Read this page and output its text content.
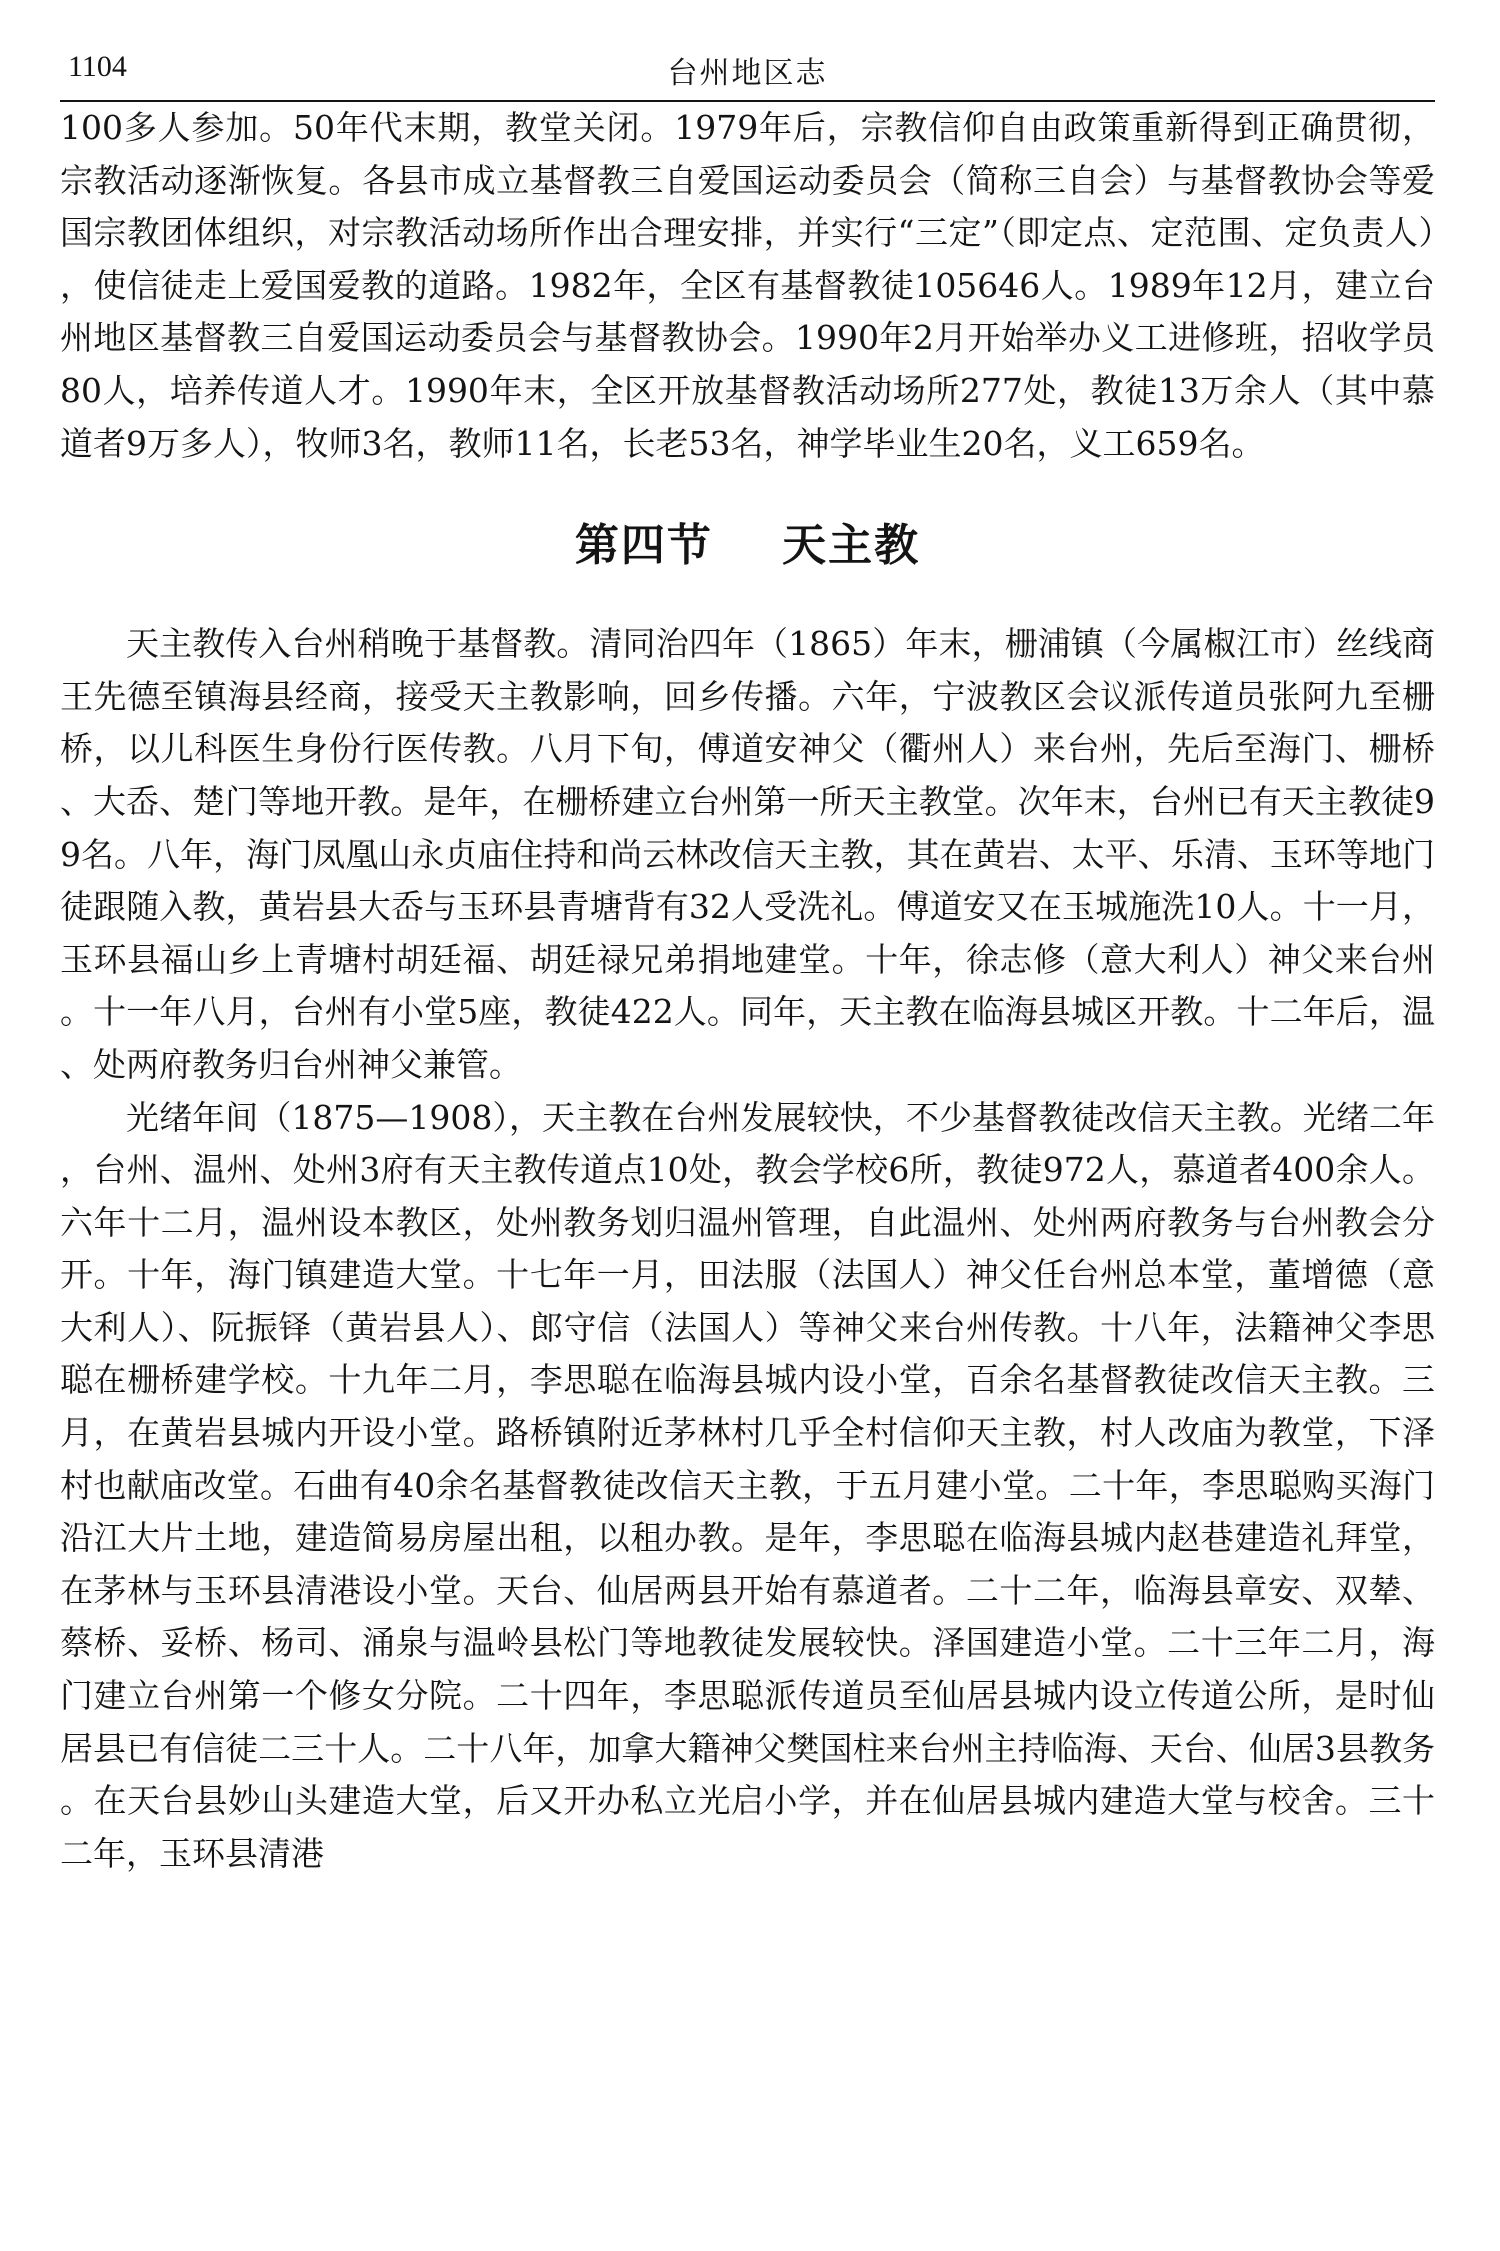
1104	台州地区志

100多人参加。50年代末期，教堂关闭。1979年后，宗教信仰自由政策重新得到正确贯彻，宗教活动逐渐恢复。各县市成立基督教三自爱国运动委员会（简称三自会）与基督教协会等爱国宗教团体组织，对宗教活动场所作出合理安排，并实行“三定”（即定点、定范围、定负责人），使信徒走上爱国爱教的道路。1982年，全区有基督教徒105646人。1989年12月，建立台州地区基督教三自爱国运动委员会与基督教协会。1990年2月开始举办义工进修班，招收学员80人，培养传道人才。1990年末，全区开放基督教活动场所277处，教徒13万余人（其中慕道者9万多人），牧师3名，教师11名，长老53名，神学毕业生20名，义工659名。

第四节 天主教

天主教传入台州稍晚于基督教。清同治四年（1865）年末，栅浦镇（今属椒江市）丝线商王先德至镇海县经商，接受天主教影响，回乡传播。六年，宁波教区会议派传道员张阿九至栅桥，以儿科医生身份行医传教。八月下旬，傅道安神父（衢州人）来台州，先后至海门、栅桥、大岙、楚门等地开教。是年，在栅桥建立台州第一所天主教堂。次年末，台州已有天主教徒99名。八年，海门凤凰山永贞庙住持和尚云林改信天主教，其在黄岩、太平、乐清、玉环等地门徒跟随入教，黄岩县大岙与玉环县青塘背有32人受洗礼。傅道安又在玉城施洗10人。十一月，玉环县福山乡上青塘村胡廷福、胡廷禄兄弟捐地建堂。十年，徐志修（意大利人）神父来台州。十一年八月，台州有小堂5座，教徒422人。同年，天主教在临海县城区开教。十二年后，温、处两府教务归台州神父兼管。

光绪年间（1875—1908），天主教在台州发展较快，不少基督教徒改信天主教。光绪二年，台州、温州、处州3府有天主教传道点10处，教会学校6所，教徒972人，慕道者400余人。六年十二月，温州设本教区，处州教务划归温州管理，自此温州、处州两府教务与台州教会分开。十年，海门镇建造大堂。十七年一月，田法服（法国人）神父任台州总本堂，董增德（意大利人）、阮振铎（黄岩县人）、郎守信（法国人）等神父来台州传教。十八年，法籍神父李思聪在栅桥建学校。十九年二月，李思聪在临海县城内设小堂，百余名基督教徒改信天主教。三月，在黄岩县城内开设小堂。路桥镇附近茅林村几乎全村信仰天主教，村人改庙为教堂，下泽村也献庙改堂。石曲有40余名基督教徒改信天主教，于五月建小堂。二十年，李思聪购买海门沿江大片土地，建造简易房屋出租，以租办教。是年，李思聪在临海县城内赵巷建造礼拜堂，在茅林与玉环县清港设小堂。天台、仙居两县开始有慕道者。二十二年，临海县章安、双辇、蔡桥、妥桥、杨司、涌泉与温岭县松门等地教徒发展较快。泽国建造小堂。二十三年二月，海门建立台州第一个修女分院。二十四年，李思聪派传道员至仙居县城内设立传道公所，是时仙居县已有信徒二三十人。二十八年，加拿大籍神父樊国柱来台州主持临海、天台、仙居3县教务。在天台县妙山头建造大堂，后又开办私立光启小学，并在仙居县城内建造大堂与校舍。三十二年，玉环县清港
